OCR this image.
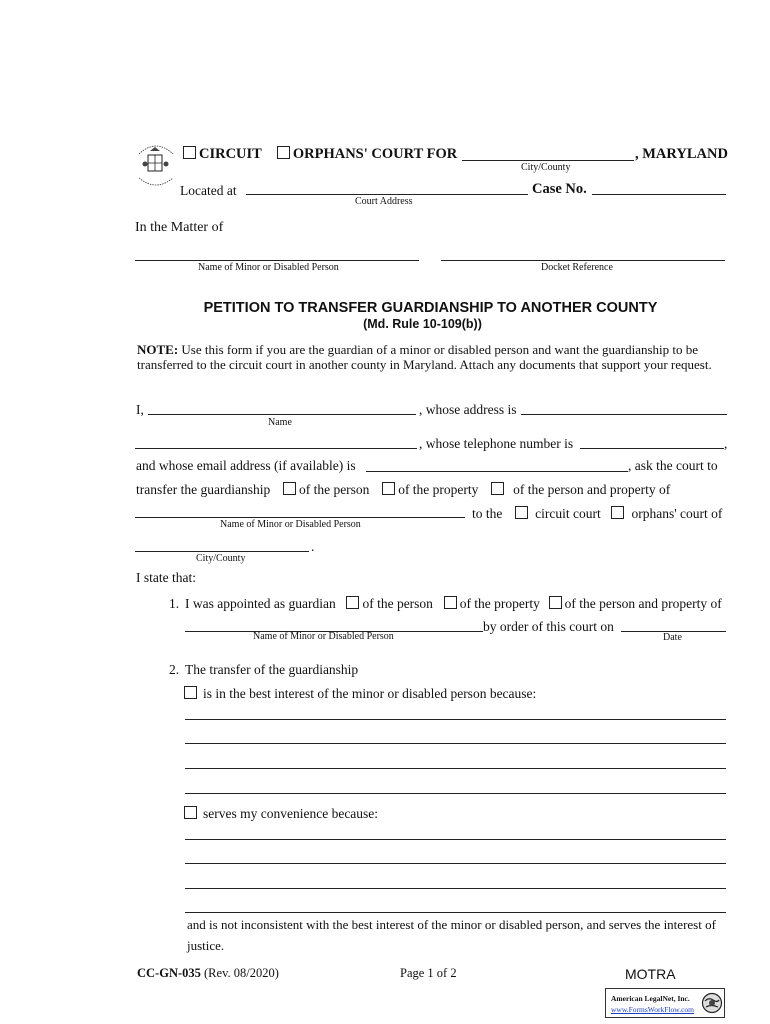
CIRCUIT ORPHANS' COURT FOR	, MARYLAND
City/County
Located at
Court Address
Case No.
In the Matter of
Name of Minor or Disabled Person	Docket Reference
PETITION TO TRANSFER GUARDIANSHIP TO ANOTHER COUNTY
(Md. Rule 10-109(b))
NOTE: Use this form if you are the guardian of a minor or disabled person and want the guardianship to be transferred to the circuit court in another county in Maryland. Attach any documents that support your request.
I,	, whose address is
Name
, whose telephone number is	,
and whose email address (if available) is	, ask the court to
transfer the guardianship of the person of the property	of the person and property of
Name of Minor or Disabled Person
to the circuit court orphans' court of
.
City/County
I state that:
1. I was appointed as guardian of the person of the property of the person and property of
Name of Minor or Disabled Person
by order of this court on
Date
2. The transfer of the guardianship
is in the best interest of the minor or disabled person because:
serves my convenience because:
and is not inconsistent with the best interest of the minor or disabled person, and serves the interest of justice.
CC-GN-035 (Rev. 08/2020)	Page 1 of 2	MOTRA
American LegalNet, Inc.
www.FormsWorkFlow.com
